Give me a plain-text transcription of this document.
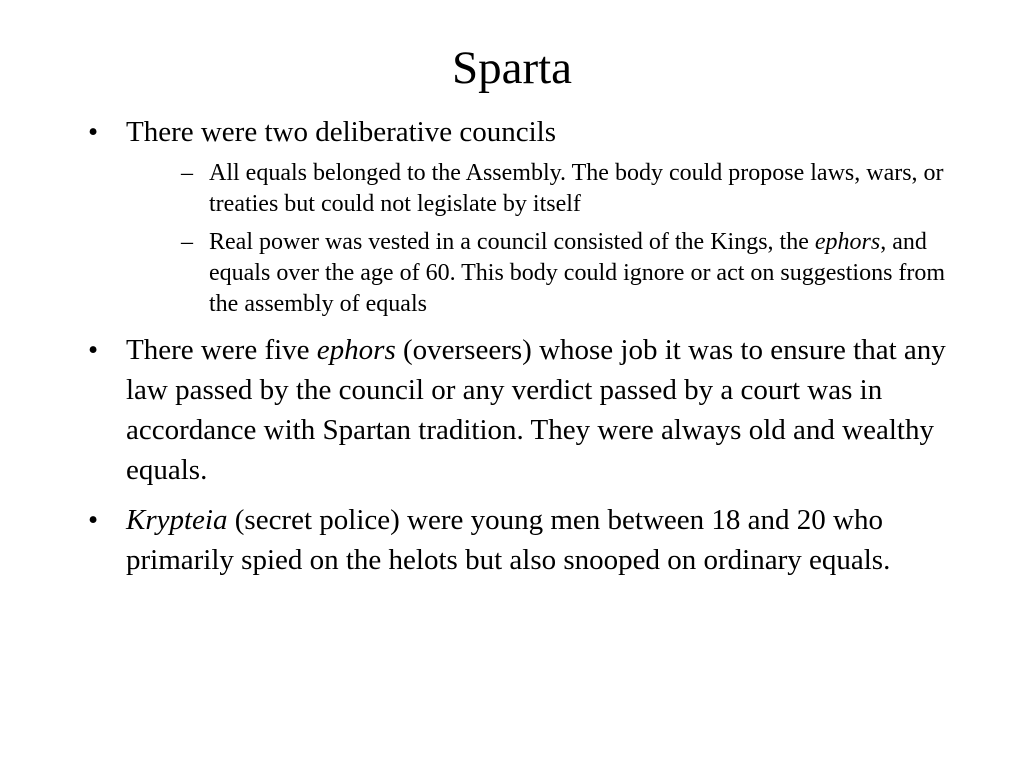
Sparta
• There were two deliberative councils
– All equals belonged to the Assembly. The body could propose laws, wars, or treaties but could not legislate by itself
– Real power was vested in a council consisted of the Kings, the ephors, and equals over the age of 60. This body could ignore or act on suggestions from the assembly of equals
• There were five ephors (overseers) whose job it was to ensure that any law passed by the council or any verdict passed by a court was in accordance with Spartan tradition. They were always old and wealthy equals.
• Krypteia (secret police) were young men between 18 and 20 who primarily spied on the helots but also snooped on ordinary equals.
